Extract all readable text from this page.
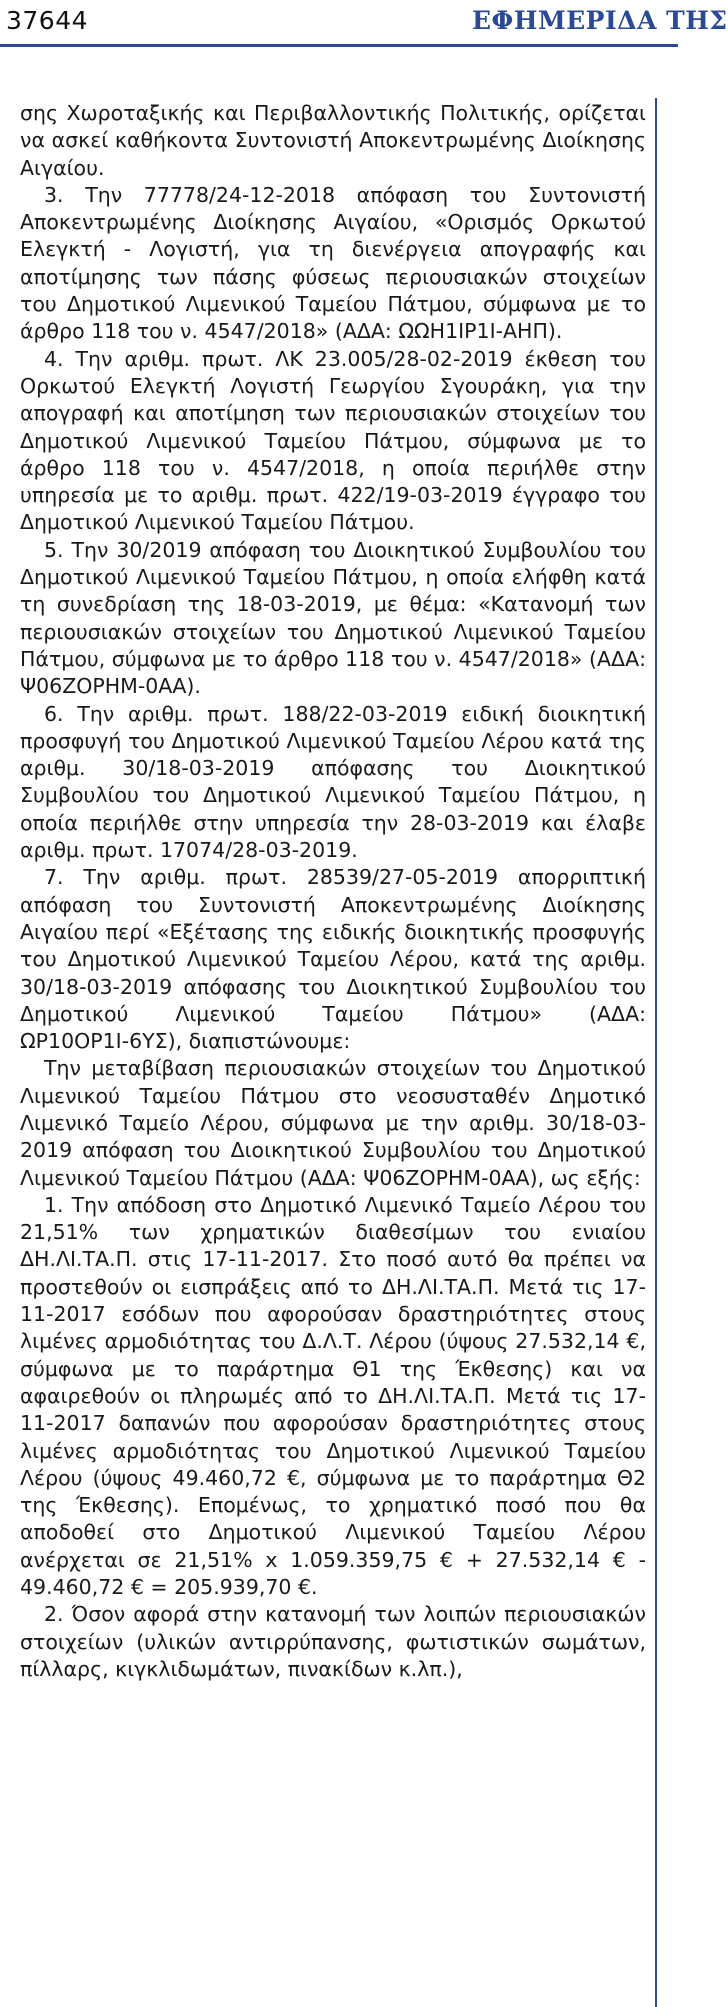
37644	ΕΦΗΜΕΡΙΔΑ ΤΗΣ

σης Χωροταξικής και Περιβαλλοντικής Πολιτικής, ορίζεται να ασκεί καθήκοντα Συντονιστή Αποκεντρωμένης Διοίκησης Αιγαίου.

3. Την 77778/24-12-2018 απόφαση του Συντονιστή Αποκεντρωμένης Διοίκησης Αιγαίου, «Ορισμός Ορκωτού Ελεγκτή - Λογιστή, για τη διενέργεια απογραφής και αποτίμησης των πάσης φύσεως περιουσιακών στοιχείων του Δημοτικού Λιμενικού Ταμείου Πάτμου, σύμφωνα με το άρθρο 118 του ν. 4547/2018» (ΑΔΑ: ΩΩΗ1ΙΡ1Ι-ΑΗΠ).

4. Την αριθμ. πρωτ. ΛΚ 23.005/28-02-2019 έκθεση του Ορκωτού Ελεγκτή Λογιστή Γεωργίου Σγουράκη, για την απογραφή και αποτίμηση των περιουσιακών στοιχείων του Δημοτικού Λιμενικού Ταμείου Πάτμου, σύμφωνα με το άρθρο 118 του ν. 4547/2018, η οποία περιήλθε στην υπηρεσία με το αριθμ. πρωτ. 422/19-03-2019 έγγραφο του Δημοτικού Λιμενικού Ταμείου Πάτμου.

5. Την 30/2019 απόφαση του Διοικητικού Συμβουλίου του Δημοτικού Λιμενικού Ταμείου Πάτμου, η οποία ελήφθη κατά τη συνεδρίαση της 18-03-2019, με θέμα: «Κατανομή των περιουσιακών στοιχείων του Δημοτικού Λιμενικού Ταμείου Πάτμου, σύμφωνα με το άρθρο 118 του ν. 4547/2018» (ΑΔΑ: Ψ06ΖΟΡΗΜ-0ΑΑ).

6. Την αριθμ. πρωτ. 188/22-03-2019 ειδική διοικητική προσφυγή του Δημοτικού Λιμενικού Ταμείου Λέρου κατά της αριθμ. 30/18-03-2019 απόφασης του Διοικητικού Συμβουλίου του Δημοτικού Λιμενικού Ταμείου Πάτμου, η οποία περιήλθε στην υπηρεσία την 28-03-2019 και έλαβε αριθμ. πρωτ. 17074/28-03-2019.

7. Την αριθμ. πρωτ. 28539/27-05-2019 απορριπτική απόφαση του Συντονιστή Αποκεντρωμένης Διοίκησης Αιγαίου περί «Εξέτασης της ειδικής διοικητικής προσφυγής του Δημοτικού Λιμενικού Ταμείου Λέρου, κατά της αριθμ. 30/18-03-2019 απόφασης του Διοικητικού Συμβουλίου του Δημοτικού Λιμενικού Ταμείου Πάτμου» (ΑΔΑ: ΩΡ10ΟΡ1Ι-6ΥΣ), διαπιστώνουμε:

Την μεταβίβαση περιουσιακών στοιχείων του Δημοτικού Λιμενικού Ταμείου Πάτμου στο νεοσυσταθέν Δημοτικό Λιμενικό Ταμείο Λέρου, σύμφωνα με την αριθμ. 30/18-03-2019 απόφαση του Διοικητικού Συμβουλίου του Δημοτικού Λιμενικού Ταμείου Πάτμου (ΑΔΑ: Ψ06ΖΟΡΗΜ-0ΑΑ), ως εξής:

1. Την απόδοση στο Δημοτικό Λιμενικό Ταμείο Λέρου του 21,51% των χρηματικών διαθεσίμων του ενιαίου ΔΗ.ΛΙ.ΤΑ.Π. στις 17-11-2017. Στο ποσό αυτό θα πρέπει να προστεθούν οι εισπράξεις από το ΔΗ.ΛΙ.ΤΑ.Π. Μετά τις 17-11-2017 εσόδων που αφορούσαν δραστηριότητες στους λιμένες αρμοδιότητας του Δ.Λ.Τ. Λέρου (ύψους 27.532,14 €, σύμφωνα με το παράρτημα Θ1 της Έκθεσης) και να αφαιρεθούν οι πληρωμές από το ΔΗ.ΛΙ.ΤΑ.Π. Μετά τις 17-11-2017 δαπανών που αφορούσαν δραστηριότητες στους λιμένες αρμοδιότητας του Δημοτικού Λιμενικού Ταμείου Λέρου (ύψους 49.460,72 €, σύμφωνα με το παράρτημα Θ2 της Έκθεσης). Επομένως, το χρηματικό ποσό που θα αποδοθεί στο Δημοτικού Λιμενικού Ταμείου Λέρου ανέρχεται σε 21,51% x 1.059.359,75 € + 27.532,14 € - 49.460,72 € = 205.939,70 €.

2. Όσον αφορά στην κατανομή των λοιπών περιουσιακών στοιχείων (υλικών αντιρρύπανσης, φωτιστικών σωμάτων, πίλλαρς, κιγκλιδωμάτων, πινακίδων κ.λπ.),
